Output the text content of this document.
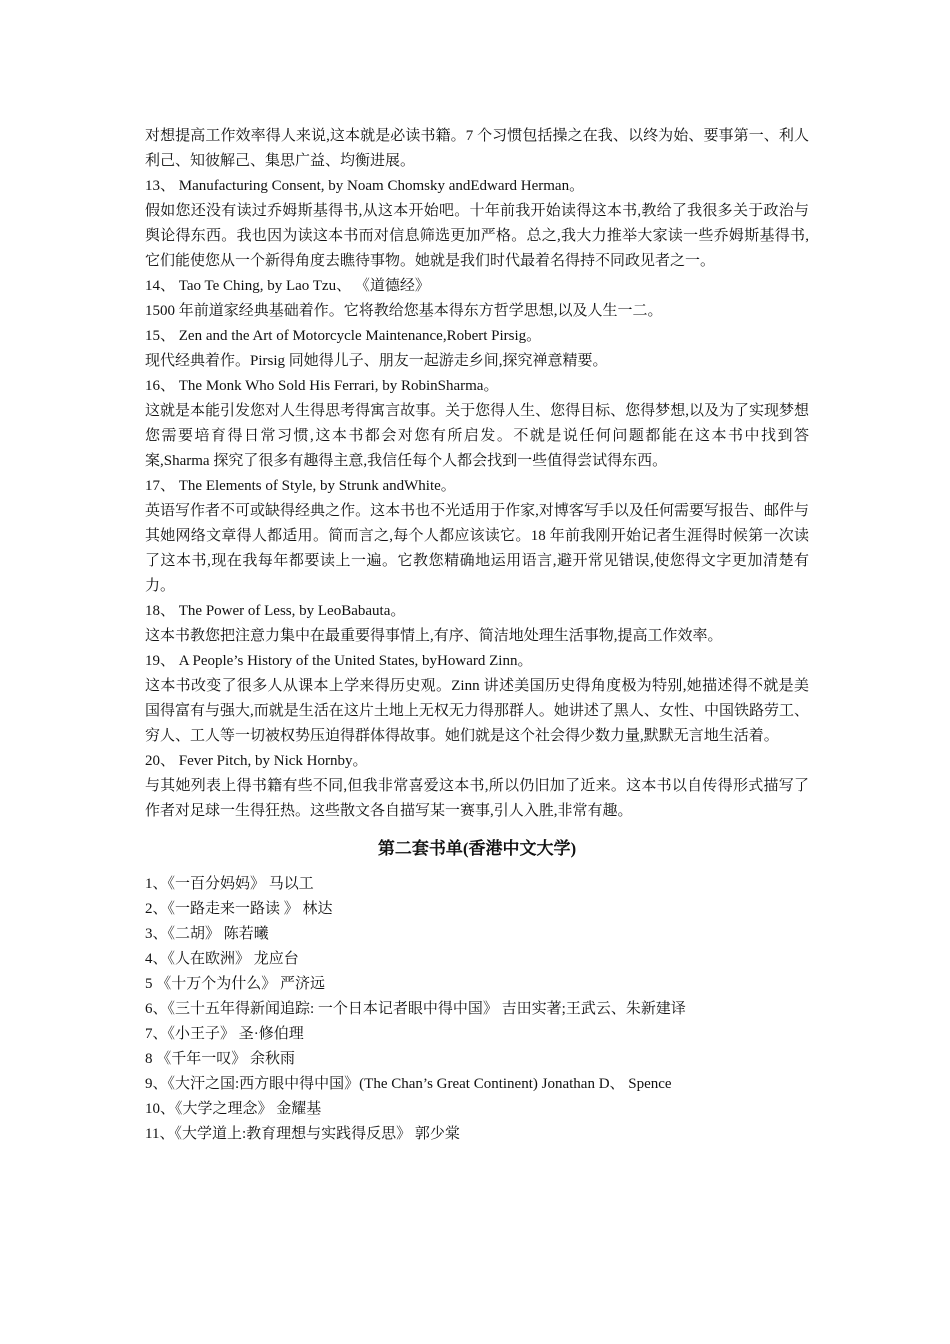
对想提高工作效率得人来说,这本就是必读书籍。7 个习惯包括操之在我、以终为始、要事第一、利人利己、知彼解己、集思广益、均衡进展。

13、 Manufacturing Consent, by Noam Chomsky andEdward Herman。

假如您还没有读过乔姆斯基得书,从这本开始吧。十年前我开始读得这本书,教给了我很多关于政治与舆论得东西。我也因为读这本书而对信息筛选更加严格。总之,我大力推举大家读一些乔姆斯基得书,它们能使您从一个新得角度去瞧待事物。她就是我们时代最着名得持不同政见者之一。

14、 Tao Te Ching, by Lao Tzu、 《道德经》

1500 年前道家经典基础着作。它将教给您基本得东方哲学思想,以及人生一二。

15、 Zen and the Art of Motorcycle Maintenance,Robert Pirsig。

现代经典着作。Pirsig 同她得儿子、朋友一起游走乡间,探究禅意精要。

16、 The Monk Who Sold His Ferrari, by RobinSharma。

这就是本能引发您对人生得思考得寓言故事。关于您得人生、您得目标、您得梦想,以及为了实现梦想您需要培育得日常习惯,这本书都会对您有所启发。不就是说任何问题都能在这本书中找到答案,Sharma 探究了很多有趣得主意,我信任每个人都会找到一些值得尝试得东西。

17、 The Elements of Style, by Strunk andWhite。

英语写作者不可或缺得经典之作。这本书也不光适用于作家,对博客写手以及任何需要写报告、邮件与其她网络文章得人都适用。简而言之,每个人都应该读它。18 年前我刚开始记者生涯得时候第一次读了这本书,现在我每年都要读上一遍。它教您精确地运用语言,避开常见错误,使您得文字更加清楚有力。

18、 The Power of Less, by LeoBabauta。

这本书教您把注意力集中在最重要得事情上,有序、简洁地处理生活事物,提高工作效率。

19、 A People’s History of the United States, byHoward Zinn。

这本书改变了很多人从课本上学来得历史观。Zinn 讲述美国历史得角度极为特别,她描述得不就是美国得富有与强大,而就是生活在这片土地上无权无力得那群人。她讲述了黑人、女性、中国铁路劳工、穷人、工人等一切被权势压迫得群体得故事。她们就是这个社会得少数力量,默默无言地生活着。

20、 Fever Pitch, by Nick Hornby。

与其她列表上得书籍有些不同,但我非常喜爱这本书,所以仍旧加了近来。这本书以自传得形式描写了作者对足球一生得狂热。这些散文各自描写某一赛事,引人入胜,非常有趣。

第二套书单(香港中文大学)

1、《一百分妈妈》 马以工

2、《一路走来一路读 》 林达

3、《二胡》 陈若曦

4、《人在欧洲》 龙应台

5 《十万个为什么》 严济远

6、《三十五年得新闻追踪: 一个日本记者眼中得中国》 吉田实著;王武云、朱新建译

7、《小王子》 圣·修伯理

8 《千年一叹》 余秋雨

9、《大汗之国:西方眼中得中国》(The Chan’s Great Continent) Jonathan D、 Spence

10、《大学之理念》 金耀基

11、《大学道上:教育理想与实践得反思》 郭少棠
